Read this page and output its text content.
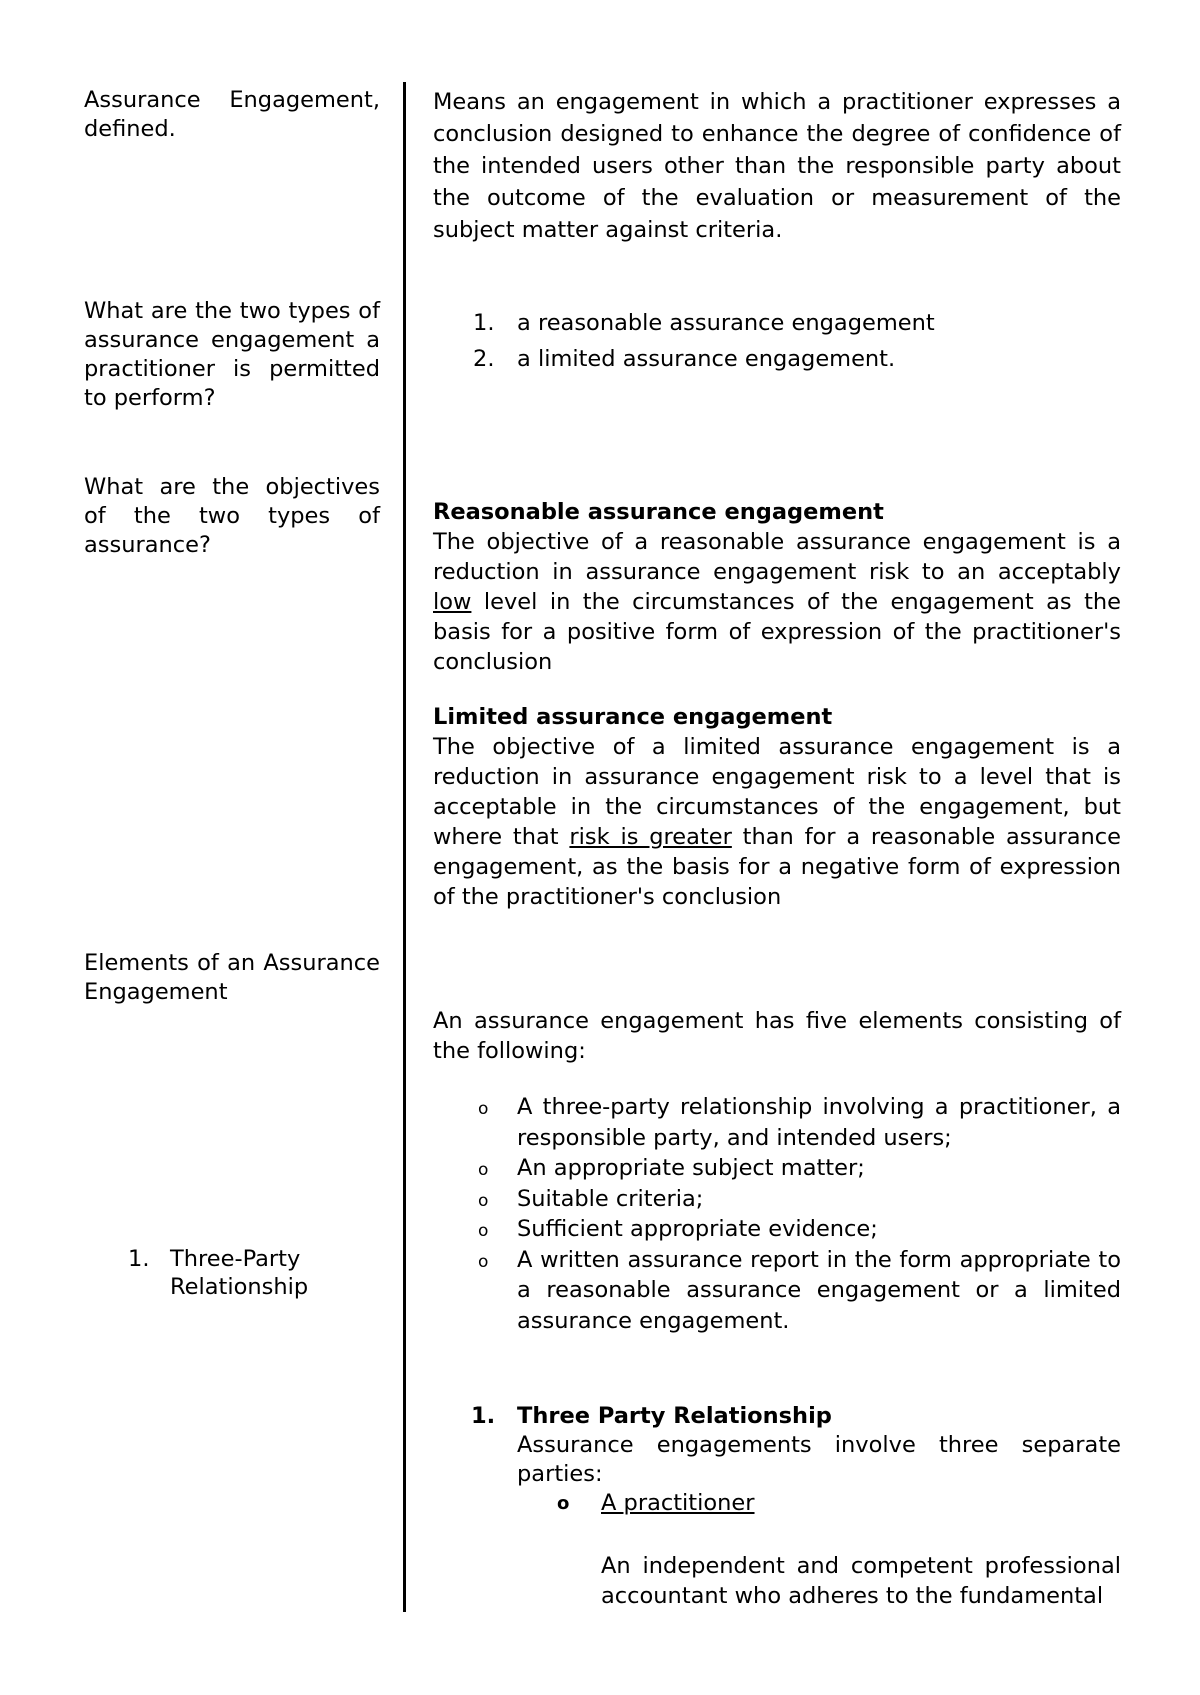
Assurance Engagement, defined.
What are the two types of assurance engagement a practitioner is permitted to perform?
What are the objectives of the two types of assurance?
Elements of an Assurance Engagement
1. Three-Party Relationship
Means an engagement in which a practitioner expresses a conclusion designed to enhance the degree of confidence of the intended users other than the responsible party about the outcome of the evaluation or measurement of the subject matter against criteria.
1. a reasonable assurance engagement
2. a limited assurance engagement.

Reasonable assurance engagement

The objective of a reasonable assurance engagement is a reduction in assurance engagement risk to an acceptably low level in the circumstances of the engagement as the basis for a positive form of expression of the practitioner's conclusion

Limited assurance engagement

The objective of a limited assurance engagement is a reduction in assurance engagement risk to a level that is acceptable in the circumstances of the engagement, but where that risk is greater than for a reasonable assurance engagement, as the basis for a negative form of expression of the practitioner's conclusion

An assurance engagement has five elements consisting of the following:
o A three-party relationship involving a practitioner, a responsible party, and intended users;
o An appropriate subject matter;
o Suitable criteria;
o Sufficient appropriate evidence;
o A written assurance report in the form appropriate to a reasonable assurance engagement or a limited assurance engagement.
1. Three Party Relationship
Assurance engagements involve three separate parties:
o A practitioner
An independent and competent professional accountant who adheres to the fundamental
